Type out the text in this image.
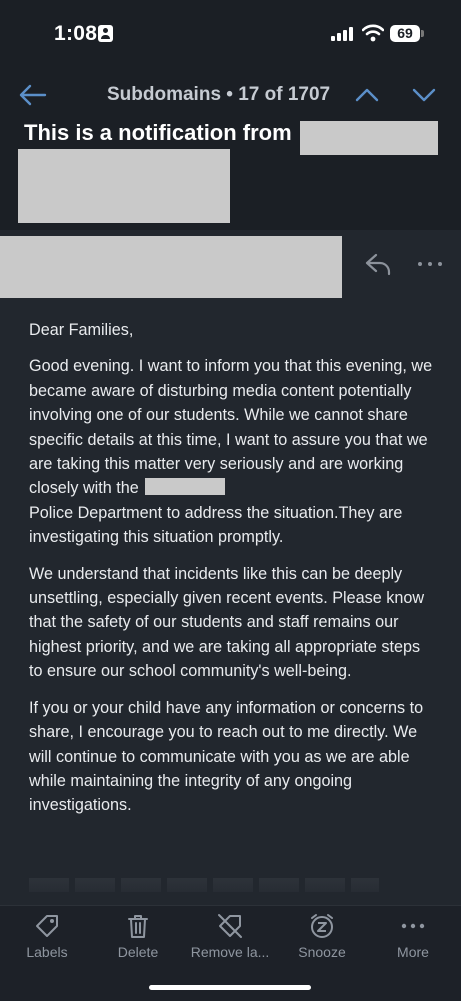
1:08	69
Subdomains • 17 of 1707
This is a notification from

Dear Families,

Good evening. I want to inform you that this evening, we became aware of disturbing media content potentially involving one of our students. While we cannot share specific details at this time, I want to assure you that we are taking this matter very seriously and are working closely with the

Police Department to address the situation.They are investigating this situation promptly.

We understand that incidents like this can be deeply unsettling, especially given recent events. Please know that the safety of our students and staff remains our highest priority, and we are taking all appropriate steps to ensure our school community's well-being.

If you or your child have any information or concerns to share, I encourage you to reach out to me directly. We will continue to communicate with you as we are able while maintaining the integrity of any ongoing investigations.

Labels	Delete	Remove la...	Snooze	More
